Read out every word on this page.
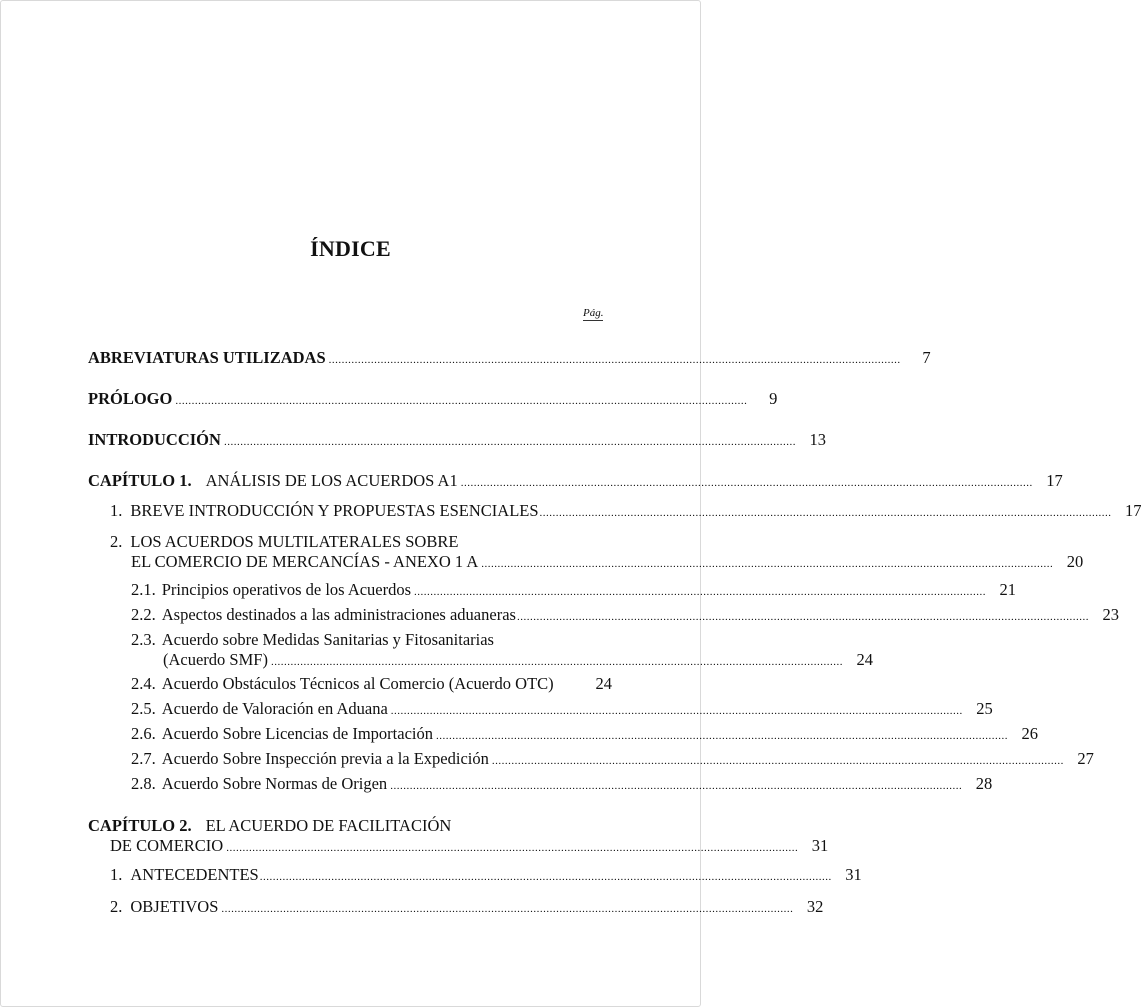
ÍNDICE
Pág.
ABREVIATURAS UTILIZADAS ................................................................................................................................................................................	7
PRÓLOGO ................................................................................................................................................................................	9
INTRODUCCIÓN ................................................................................................................................................................................ 13
CAPÍTULO 1. ANÁLISIS DE LOS ACUERDOS A1 ................................................................................................................................................................................ 17
1. BREVE INTRODUCCIÓN Y PROPUESTAS ESENCIALES ................................................................................................................................................................................ 17
2. LOS ACUERDOS MULTILATERALES SOBRE
EL COMERCIO DE MERCANCÍAS - ANEXO 1 A ................................................................................................................................................................................ 20
2.1. Principios operativos de los Acuerdos ................................................................................................................................................................................ 21
2.2. Aspectos destinados a las administraciones aduaneras ................................................................................................................................................................................ 23
2.3. Acuerdo sobre Medidas Sanitarias y Fitosanitarias
(Acuerdo SMF) ................................................................................................................................................................................ 24
2.4. Acuerdo Obstáculos Técnicos al Comercio (Acuerdo OTC)	24
2.5. Acuerdo de Valoración en Aduana ................................................................................................................................................................................ 25
2.6. Acuerdo Sobre Licencias de Importación ................................................................................................................................................................................ 26
2.7. Acuerdo Sobre Inspección previa a la Expedición ................................................................................................................................................................................ 27
2.8. Acuerdo Sobre Normas de Origen ................................................................................................................................................................................ 28
CAPÍTULO 2. EL ACUERDO DE FACILITACIÓN
DE COMERCIO ................................................................................................................................................................................ 31
1. ANTECEDENTES ................................................................................................................................................................................ 31
2. OBJETIVOS ................................................................................................................................................................................ 32
